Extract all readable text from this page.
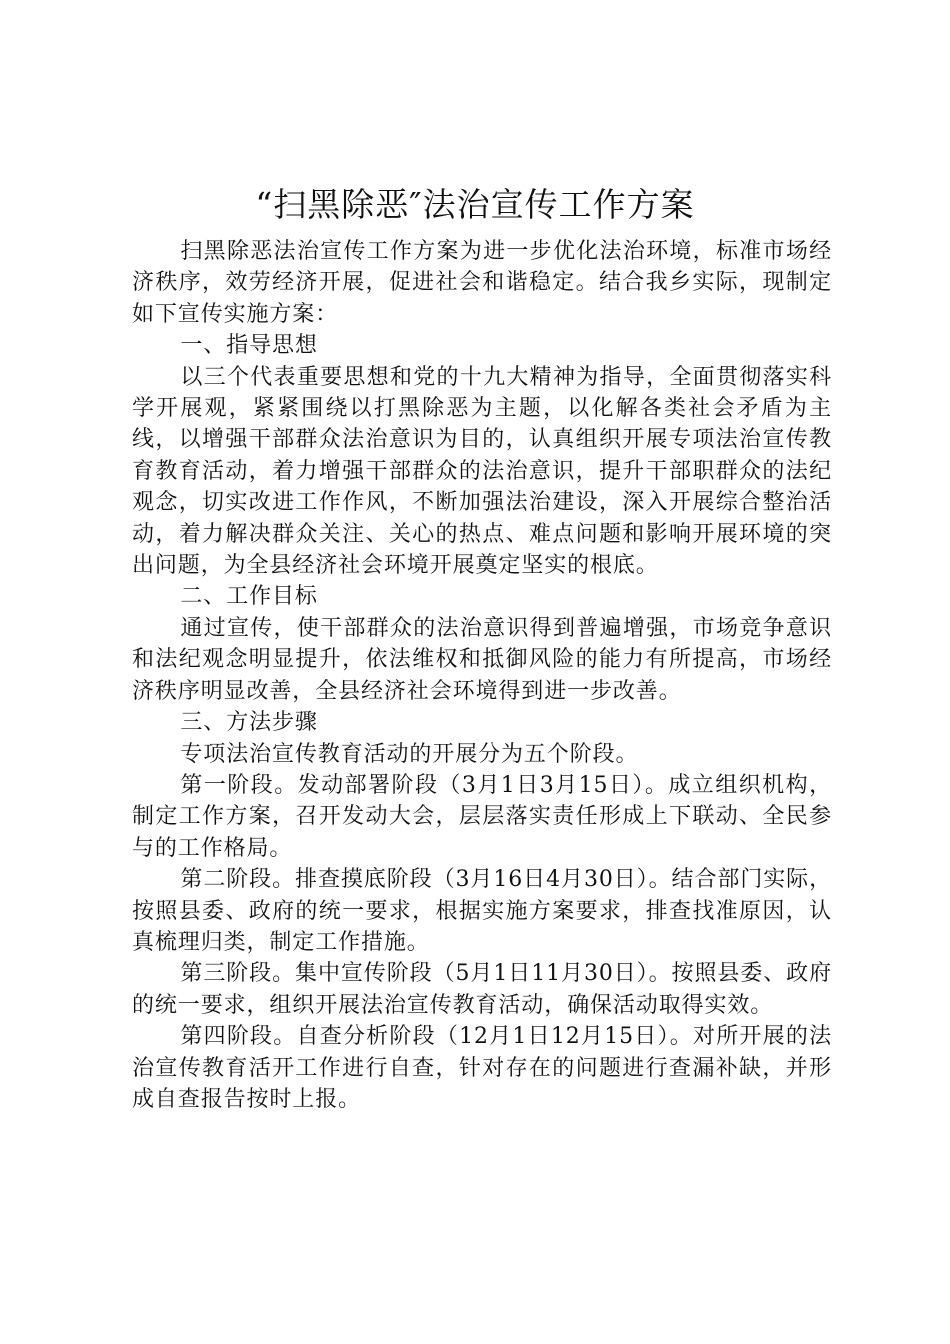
“扫黑除恶″法治宣传工作方案

扫黑除恶法治宣传工作方案为进一步优化法治环境，标准市场经济秩序，效劳经济开展，促进社会和谐稳定。结合我乡实际，现制定如下宣传实施方案：

一、指导思想

以三个代表重要思想和党的十九大精神为指导，全面贯彻落实科学开展观，紧紧围绕以打黑除恶为主题，以化解各类社会矛盾为主线，以增强干部群众法治意识为目的，认真组织开展专项法治宣传教育教育活动，着力增强干部群众的法治意识，提升干部职群众的法纪观念，切实改进工作作风，不断加强法治建设，深入开展综合整治活动，着力解决群众关注、关心的热点、难点问题和影响开展环境的突出问题，为全县经济社会环境开展奠定坚实的根底。

二、工作目标

通过宣传，使干部群众的法治意识得到普遍增强，市场竞争意识和法纪观念明显提升，依法维权和抵御风险的能力有所提高，市场经济秩序明显改善，全县经济社会环境得到进一步改善。

三、方法步骤

专项法治宣传教育活动的开展分为五个阶段。

第一阶段。发动部署阶段（3月1日3月15日）。成立组织机构，制定工作方案，召开发动大会，层层落实责任形成上下联动、全民参与的工作格局。

第二阶段。排查摸底阶段（3月16日4月30日）。结合部门实际，按照县委、政府的统一要求，根据实施方案要求，排查找准原因，认真梳理归类，制定工作措施。

第三阶段。集中宣传阶段（5月1日11月30日）。按照县委、政府的统一要求，组织开展法治宣传教育活动，确保活动取得实效。

第四阶段。自查分析阶段（12月1日12月15日）。对所开展的法治宣传教育活开工作进行自查，针对存在的问题进行查漏补缺，并形成自查报告按时上报。
